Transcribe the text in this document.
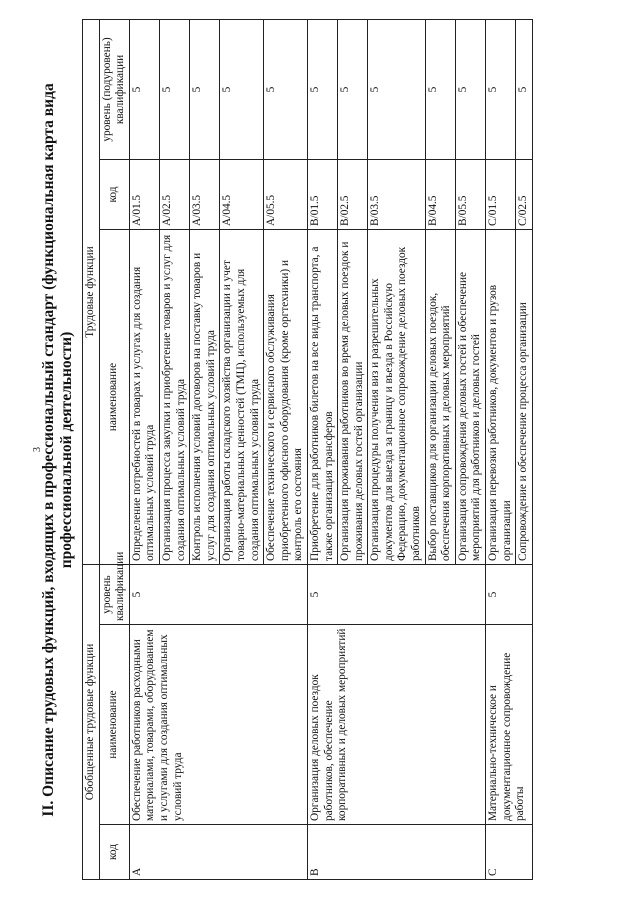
3
II. Описание трудовых функций, входящих в профессиональный стандарт (функциональная карта вида профессиональной деятельности)
Обобщенные трудовые функции			Трудовые функции		
код	наименование	уровень квалификации	наименование	код	уровень (подуровень) квалификации
A	Обеспечение работников расходными материалами, товарами, оборудованием и услугами для создания оптимальных условий труда	5	Определение потребностей в товарах и услугах для создания оптимальных условий труда	A/01.5	5
			Организация процесса закупки и приобретение товаров и услуг для создания оптимальных условий труда	A/02.5	5
			Контроль исполнения условий договоров на поставку товаров и услуг для создания оптимальных условий труда	A/03.5	5
			Организация работы складского хозяйства организации и учет товарно-материальных ценностей (ТМЦ), используемых для создания оптимальных условий труда	A/04.5	5
			Обеспечение технического и сервисного обслуживания приобретенного офисного оборудования (кроме оргтехники) и контроль его состояния	A/05.5	5
B	Организация деловых поездок работников, обеспечение корпоративных и деловых мероприятий	5	Приобретение для работников билетов на все виды транспорта, а также организация трансферов	B/01.5	5
			Организация проживания работников во время деловых поездок и проживания деловых гостей организации	B/02.5	5
			Организация процедуры получения виз и разрешительных документов для выезда за границу и въезда в Российскую Федерацию, документационное сопровождение деловых поездок работников	B/03.5	5
			Выбор поставщиков для организации деловых поездок, обеспечения корпоративных и деловых мероприятий	B/04.5	5
			Организация сопровождения деловых гостей и обеспечение мероприятий для работников и деловых гостей	B/05.5	5
C	Материально-техническое и документационное сопровождение работы	5	Организация перевозки работников, документов и грузов организации	C/01.5	5
			Сопровождение и обеспечение процесса организации	C/02.5	5
